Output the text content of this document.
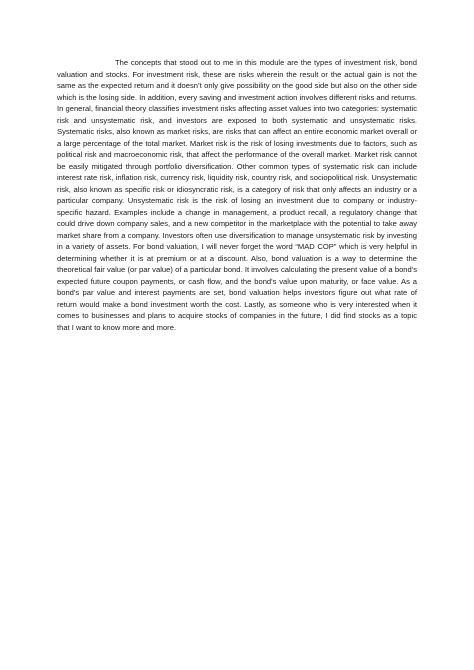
The concepts that stood out to me in this module are the types of investment risk, bond valuation and stocks. For investment risk, these are risks wherein the result or the actual gain is not the same as the expected return and it doesn’t only give possibility on the good side but also on the other side which is the losing side. In addition, every saving and investment action involves different risks and returns. In general, financial theory classifies investment risks affecting asset values into two categories: systematic risk and unsystematic risk, and investors are exposed to both systematic and unsystematic risks. Systematic risks, also known as market risks, are risks that can affect an entire economic market overall or a large percentage of the total market. Market risk is the risk of losing investments due to factors, such as political risk and macroeconomic risk, that affect the performance of the overall market. Market risk cannot be easily mitigated through portfolio diversification. Other common types of systematic risk can include interest rate risk, inflation risk, currency risk, liquidity risk, country risk, and sociopolitical risk. Unsystematic risk, also known as specific risk or idiosyncratic risk, is a category of risk that only affects an industry or a particular company. Unsystematic risk is the risk of losing an investment due to company or industry-specific hazard. Examples include a change in management, a product recall, a regulatory change that could drive down company sales, and a new competitor in the marketplace with the potential to take away market share from a company. Investors often use diversification to manage unsystematic risk by investing in a variety of assets. For bond valuation, I will never forget the word “MAD COP” which is very helpful in determining whether it is at premium or at a discount. Also, bond valuation is a way to determine the theoretical fair value (or par value) of a particular bond. It involves calculating the present value of a bond's expected future coupon payments, or cash flow, and the bond's value upon maturity, or face value. As a bond's par value and interest payments are set, bond valuation helps investors figure out what rate of return would make a bond investment worth the cost. Lastly, as someone who is very interested when it comes to businesses and plans to acquire stocks of companies in the future, I did find stocks as a topic that I want to know more and more.
